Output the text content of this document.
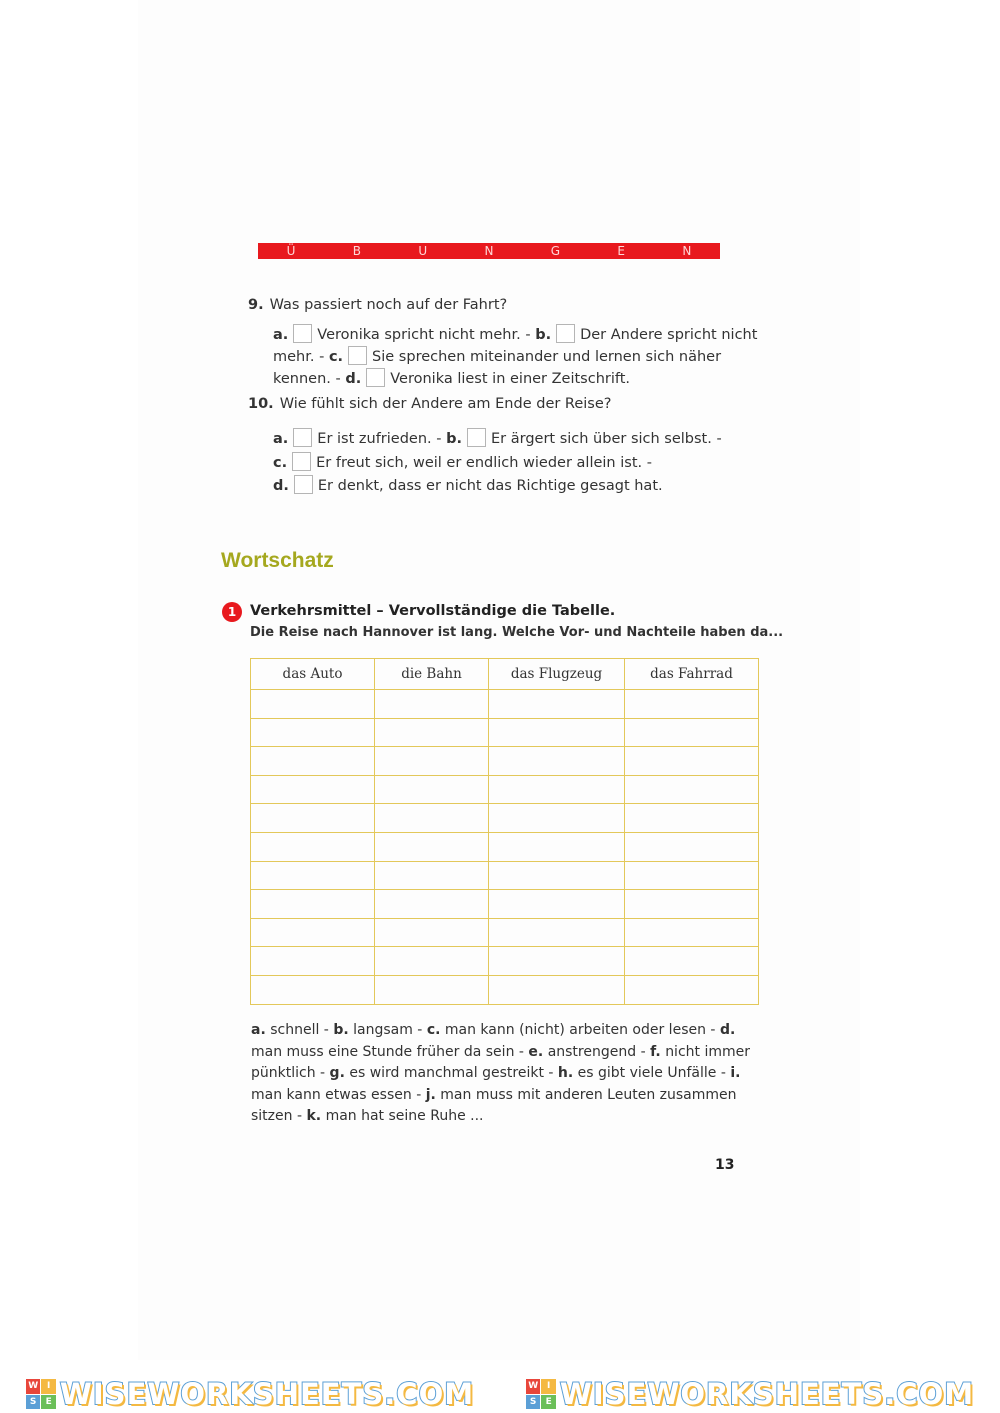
Ü	B	U	N	G	E	N
9. Was passiert noch auf der Fahrt?
a. Veronika spricht nicht mehr. - b. Der Andere spricht nicht
mehr. - c. Sie sprechen miteinander und lernen sich näher
kennen. - d. Veronika liest in einer Zeitschrift.
10. Wie fühlt sich der Andere am Ende der Reise?
a. Er ist zufrieden. - b. Er ärgert sich über sich selbst. -
c. Er freut sich, weil er endlich wieder allein ist. -
d. Er denkt, dass er nicht das Richtige gesagt hat.
Wortschatz
1 Verkehrsmittel – Vervollständige die Tabelle.
Die Reise nach Hannover ist lang. Welche Vor- und Nachteile haben da...
das Auto	die Bahn	das Flugzeug	das Fahrrad

a. schnell - b. langsam - c. man kann (nicht) arbeiten oder lesen - d. man muss eine Stunde früher da sein - e. anstrengend - f. nicht immer pünktlich - g. es wird manchmal gestreikt - h. es gibt viele Unfälle - i. man kann etwas essen - j. man muss mit anderen Leuten zusammen sitzen - k. man hat seine Ruhe ...
13
W I
S	E WISEWORKSHEETS.COM	W I
S	E WISEWORKSHEETS.COM
